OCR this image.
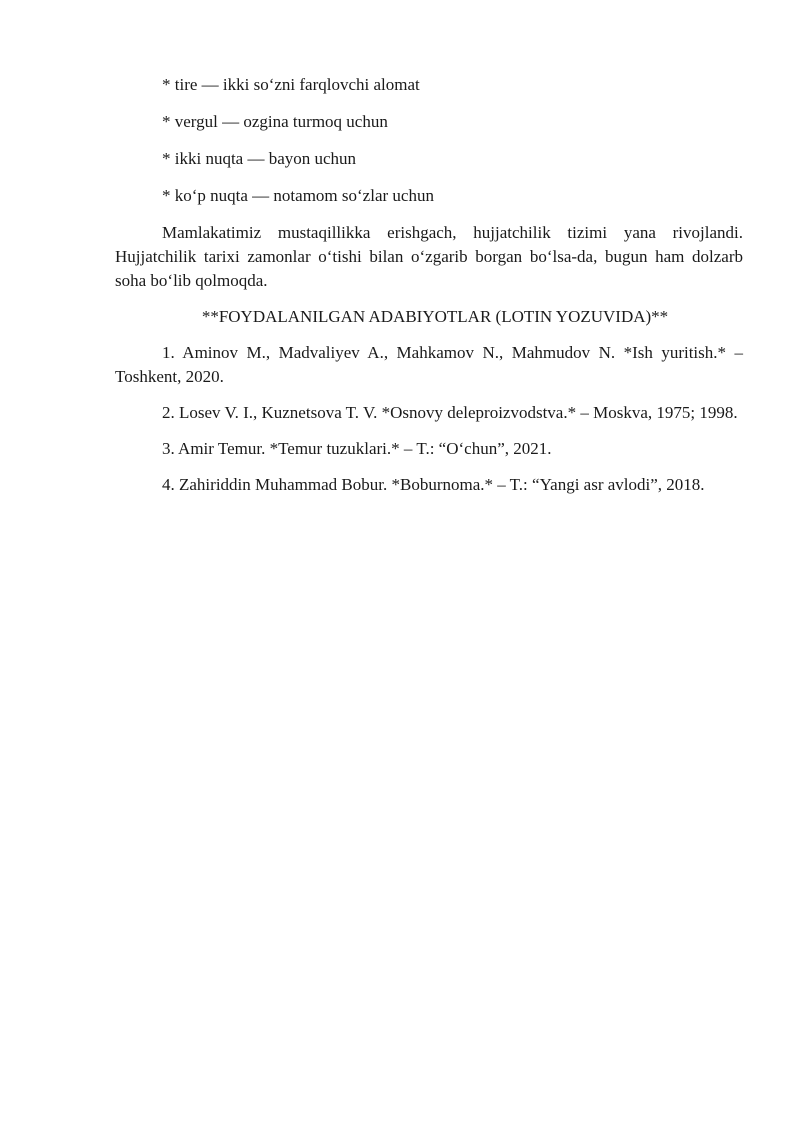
* tire — ikki so‘zni farqlovchi alomat
* vergul — ozgina turmoq uchun
* ikki nuqta — bayon uchun
* ko‘p nuqta — notamom so‘zlar uchun

Mamlakatimiz mustaqillikka erishgach, hujjatchilik tizimi yana rivojlandi. Hujjatchilik tarixi zamonlar o‘tishi bilan o‘zgarib borgan bo‘lsa-da, bugun ham dolzarb soha bo‘lib qolmoqda.

**FOYDALANILGAN ADABIYOTLAR (LOTIN YOZUVIDA)**

1. Aminov M., Madvaliyev A., Mahkamov N., Mahmudov N. *Ish yuritish.* – Toshkent, 2020.

2. Losev V. I., Kuznetsova T. V. *Osnovy deleproizvodstva.* – Moskva, 1975; 1998.

3. Amir Temur. *Temur tuzuklari.* – T.: “O‘chun”, 2021.

4. Zahiriddin Muhammad Bobur. *Boburnoma.* – T.: “Yangi asr avlodi”, 2018.
